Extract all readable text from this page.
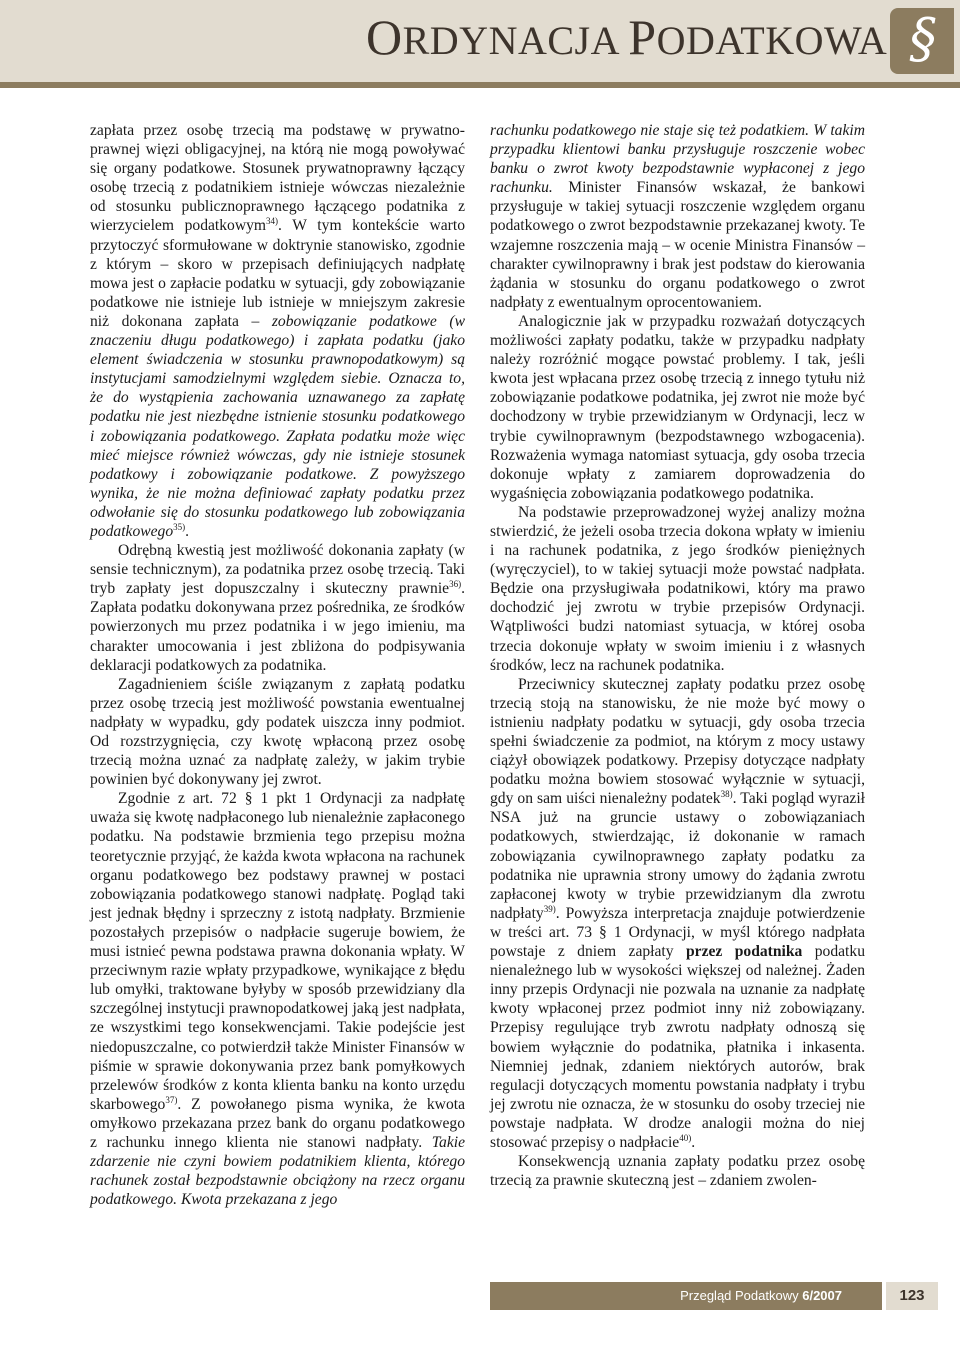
ORDYNACJA PODATKOWA §

zapłata przez osobę trzecią ma podstawę w prywatnoprawnej więzi obligacyjnej, na którą nie mogą powoływać się organy podatkowe. Stosunek prywatnoprawny łączący osobę trzecią z podatnikiem istnieje wówczas niezależnie od stosunku publicznoprawnego łączącego podatnika z wierzycielem podatkowym$^{34)}$. W tym kontekście warto przytoczyć sformułowane w doktrynie stanowisko, zgodnie z którym – skoro w przepisach definiujących nadpłatę mowa jest o zapłacie podatku w sytuacji, gdy zobowiązanie podatkowe nie istnieje lub istnieje w mniejszym zakresie niż dokonana zapłata – zobowiązanie podatkowe (w znaczeniu długu podatkowego) i zapłata podatku (jako element świadczenia w stosunku prawnopodatkowym) są instytucjami samodzielnymi względem siebie. Oznacza to, że do wystąpienia zachowania uznawanego za zapłatę podatku nie jest niezbędne istnienie stosunku podatkowego i zobowiązania podatkowego. Zapłata podatku może więc mieć miejsce również wówczas, gdy nie istnieje stosunek podatkowy i zobowiązanie podatkowe. Z powyższego wynika, że nie można definiować zapłaty podatku przez odwołanie się do stosunku podatkowego lub zobowiązania podatkowego$^{35)}$.

Odrębną kwestią jest możliwość dokonania zapłaty (w sensie technicznym), za podatnika przez osobę trzecią. Taki tryb zapłaty jest dopuszczalny i skuteczny prawnie$^{36)}$. Zapłata podatku dokonywana przez pośrednika, ze środków powierzonych mu przez podatnika i w jego imieniu, ma charakter umocowania i jest zbliżona do podpisywania deklaracji podatkowych za podatnika.

Zagadnieniem ściśle związanym z zapłatą podatku przez osobę trzecią jest możliwość powstania ewentualnej nadpłaty w wypadku, gdy podatek uiszcza inny podmiot. Od rozstrzygnięcia, czy kwotę wpłaconą przez osobę trzecią można uznać za nadpłatę zależy, w jakim trybie powinien być dokonywany jej zwrot.

Zgodnie z art. 72 § 1 pkt 1 Ordynacji za nadpłatę uważa się kwotę nadpłaconego lub nienależnie zapłaconego podatku. Na podstawie brzmienia tego przepisu można teoretycznie przyjąć, że każda kwota wpłacona na rachunek organu podatkowego bez podstawy prawnej w postaci zobowiązania podatkowego stanowi nadpłatę. Pogląd taki jest jednak błędny i sprzeczny z istotą nadpłaty. Brzmienie pozostałych przepisów o nadpłacie sugeruje bowiem, że musi istnieć pewna podstawa prawna dokonania wpłaty. W przeciwnym razie wpłaty przypadkowe, wynikające z błędu lub omyłki, traktowane byłyby w sposób przewidziany dla szczególnej instytucji prawnopodatkowej jaką jest nadpłata, ze wszystkimi tego konsekwencjami. Takie podejście jest niedopuszczalne, co potwierdził także Minister Finansów w piśmie w sprawie dokonywania przez bank pomyłkowych przelewów środków z konta klienta banku na konto urzędu skarbowego$^{37)}$. Z powołanego pisma wynika, że kwota omyłkowo przekazana przez bank do organu podatkowego z rachunku innego klienta nie stanowi nadpłaty. Takie zdarzenie nie czyni bowiem podatnikiem klienta, którego rachunek został bezpodstawnie obciążony na rzecz organu podatkowego. Kwota przekazana z jego

rachunku podatkowego nie staje się też podatkiem. W takim przypadku klientowi banku przysługuje roszczenie wobec banku o zwrot kwoty bezpodstawnie wypłaconej z jego rachunku. Minister Finansów wskazał, że bankowi przysługuje w takiej sytuacji roszczenie względem organu podatkowego o zwrot bezpodstawnie przekazanej kwoty. Te wzajemne roszczenia mają – w ocenie Ministra Finansów – charakter cywilnoprawny i brak jest podstaw do kierowania żądania w stosunku do organu podatkowego o zwrot nadpłaty z ewentualnym oprocentowaniem.

Analogicznie jak w przypadku rozważań dotyczących możliwości zapłaty podatku, także w przypadku nadpłaty należy rozróżnić mogące powstać problemy. I tak, jeśli kwota jest wpłacana przez osobę trzecią z innego tytułu niż zobowiązanie podatkowe podatnika, jej zwrot nie może być dochodzony w trybie przewidzianym w Ordynacji, lecz w trybie cywilnoprawnym (bezpodstawnego wzbogacenia). Rozważenia wymaga natomiast sytuacja, gdy osoba trzecia dokonuje wpłaty z zamiarem doprowadzenia do wygaśnięcia zobowiązania podatkowego podatnika.

Na podstawie przeprowadzonej wyżej analizy można stwierdzić, że jeżeli osoba trzecia dokona wpłaty w imieniu i na rachunek podatnika, z jego środków pieniężnych (wyręczyciel), to w takiej sytuacji może powstać nadpłata. Będzie ona przysługiwała podatnikowi, który ma prawo dochodzić jej zwrotu w trybie przepisów Ordynacji. Wątpliwości budzi natomiast sytuacja, w której osoba trzecia dokonuje wpłaty w swoim imieniu i z własnych środków, lecz na rachunek podatnika.

Przeciwnicy skutecznej zapłaty podatku przez osobę trzecią stoją na stanowisku, że nie może być mowy o istnieniu nadpłaty podatku w sytuacji, gdy osoba trzecia spełni świadczenie za podmiot, na którym z mocy ustawy ciążył obowiązek podatkowy. Przepisy dotyczące nadpłaty podatku można bowiem stosować wyłącznie w sytuacji, gdy on sam uiści nienależny podatek$^{38)}$. Taki pogląd wyraził NSA już na gruncie ustawy o zobowiązaniach podatkowych, stwierdzając, iż dokonanie w ramach zobowiązania cywilnoprawnego zapłaty podatku za podatnika nie uprawnia strony umowy do żądania zwrotu zapłaconej kwoty w trybie przewidzianym dla zwrotu nadpłaty$^{39)}$. Powyższa interpretacja znajduje potwierdzenie w treści art. 73 § 1 Ordynacji, w myśl którego nadpłata powstaje z dniem zapłaty przez podatnika podatku nienależnego lub w wysokości większej od należnej. Żaden inny przepis Ordynacji nie pozwala na uznanie za nadpłatę kwoty wpłaconej przez podmiot inny niż zobowiązany. Przepisy regulujące tryb zwrotu nadpłaty odnoszą się bowiem wyłącznie do podatnika, płatnika i inkasenta. Niemniej jednak, zdaniem niektórych autorów, brak regulacji dotyczących momentu powstania nadpłaty i trybu jej zwrotu nie oznacza, że w stosunku do osoby trzeciej nie powstaje nadpłata. W drodze analogii można do niej stosować przepisy o nadpłacie$^{40)}$.

Konsekwencją uznania zapłaty podatku przez osobę trzecią za prawnie skuteczną jest – zdaniem zwolen-

Przegląd Podatkowy 6/2007	123
